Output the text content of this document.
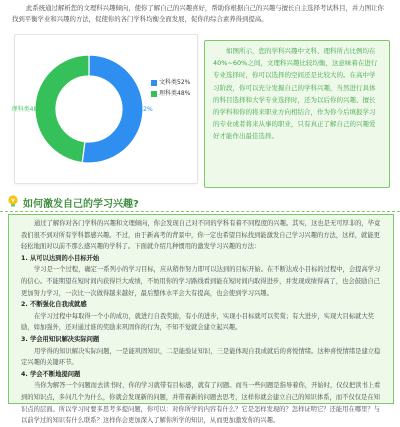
此系统通过解析您的文理科兴趣倾向，使你了解自己的兴趣喜好，帮助你根据自己的兴趣与擅长自主选择考试科目，并力图让你找到平衡学业和兴趣的方法，促使你的各门学科均衡全面发展，促你的综合素养得到提高。

理科类48%	文科类52%
文科类52%
理科类48%

如图所示，您的学科兴趣中文科、理科所占比例均在40%~60%之间，文理科兴趣比较均衡，这意味着在进行专业选择时，你可以选择的空间还是比较大的。在高中学习阶段，你可以充分发掘自己的学科兴趣，当然进行具体的科目选择和大学专业选择时，还为以后你的兴趣、擅长的学科和你的将来职业方向相结合，作为你今后填报学习的专业或者将来从事的职业，只有真正了解自己的兴趣爱好才能作出最佳选择。

如何激发自己的学习兴趣?

通过了解你对各门学科的兴趣和文理倾向，你会发现自己对不同的学科有着不同程度的兴趣。其实，这也是无可厚非的，毕竟我们很不到对所有学科都感兴趣。不过，由于新高考的背景中，你一定也希望目标找到能激发自己学习兴趣的方法，这样，就能更轻松地面对以前不那么感兴趣的学科了。下面就介绍几种惯用的激发学习兴趣的方法：

1. 从可以达到的小目标开始

学习是一个过程，确定一系列小的学习目标，应从稍作努力即可以达到的目标开始。在不断达成小目标的过程中，会提高学习的信心。不能期望在短时间内获得巨大成绩，不妨用你的学习路线看到能在短时间内取得进步，并发现成绩得高了，也会鼓励自己更加努力学习，一次比一次做得越来越好，最后整体水平会大有提高，也会使到学习兴趣。

2. 不断强化自我成就感

在学习过程中每取得一个小的成功，就进行自我奖励，有小的进步，实现小目标就可以奖赏；有大进步，实现大目标就大奖励，如加强外，还对通过谁的奖励来巩固你的行为，不知不觉就会建立起兴趣。

3. 学会用知识解决实际问题

用学得的知识解决实际问题，一是能巩固知识，二是能验证知识，三是能体现自我成就后的喜悦情绪。这种喜悦情绪是建立稳定兴趣的关键环节。

4. 学会不断地提问题

当你为解答一个问题而去读书时，你的学习就带有目标感，就有了问题。而当一些问题是指导着你，开始时，仅仅把读书上看到的知识点，多问几个为什么，你就会发现新的问题，并带着新的问题去思考，这样你就会建立自己的知识体系，而不仅仅是在知识点的层面。所以学习时要多思考多提问题，你可以：对你所学的内容有什么？它是怎样发现的？怎样证明它？还能用在哪里？与以前学过的知识有什么联系？这样你会更加深入了解你所学的知识，从而更加激发你的兴趣。
